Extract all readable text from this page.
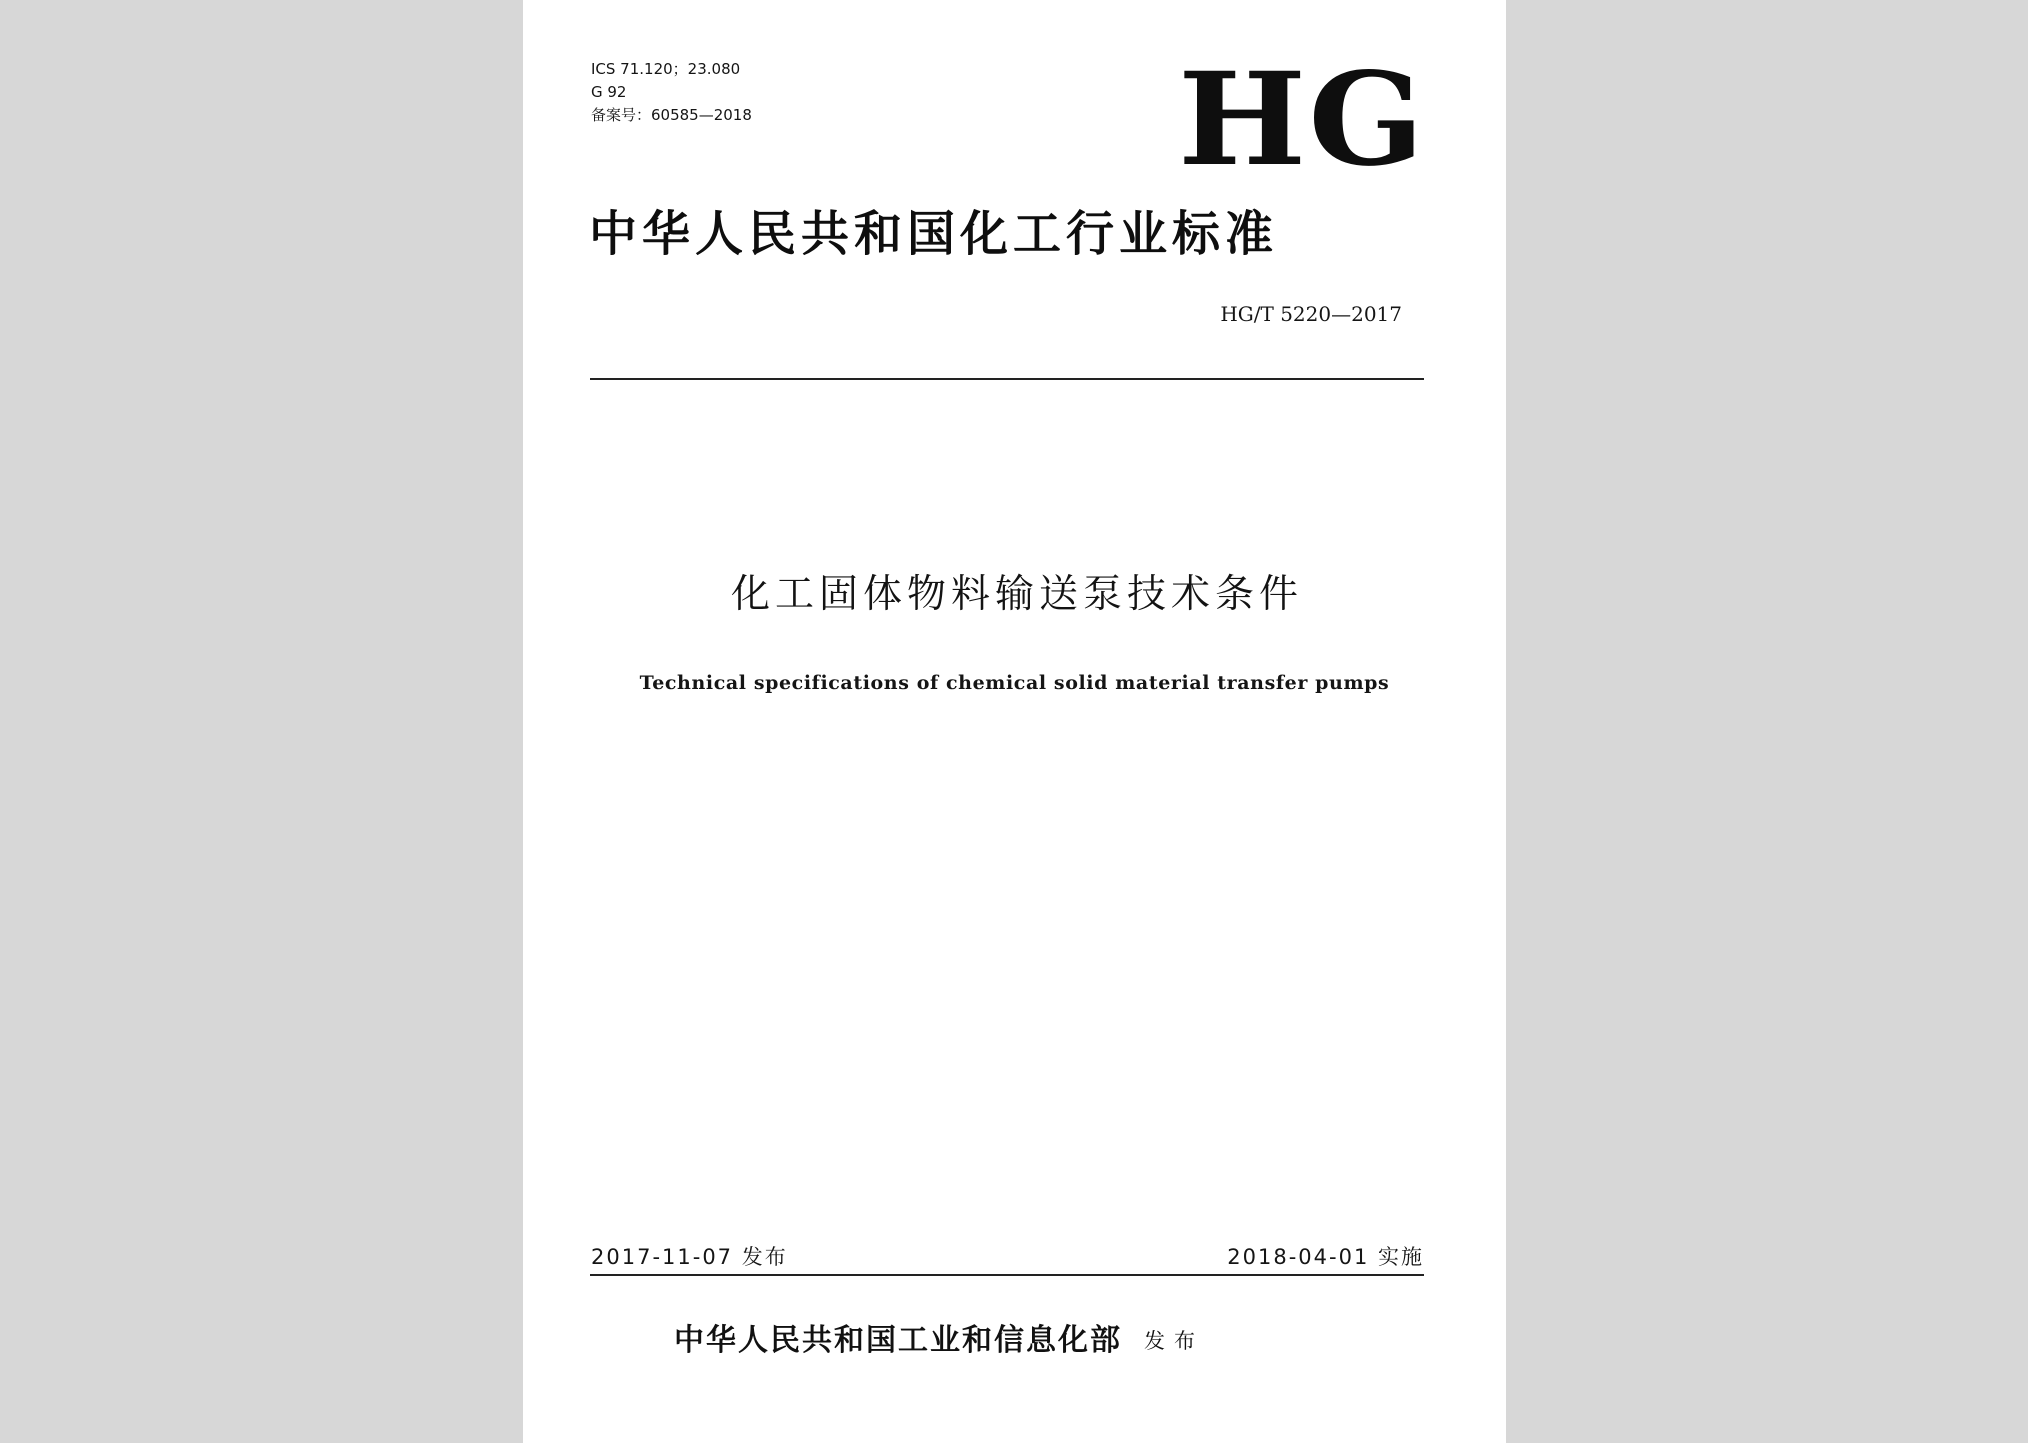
ICS 71.120；23.080
G 92
备案号：60585—2018	HG
中华人民共和国化工行业标准
HG/T 5220—2017
化工固体物料输送泵技术条件
Technical specifications of chemical solid material transfer pumps
2017-11-07 发布	2018-04-01 实施
中华人民共和国工业和信息化部 发布
